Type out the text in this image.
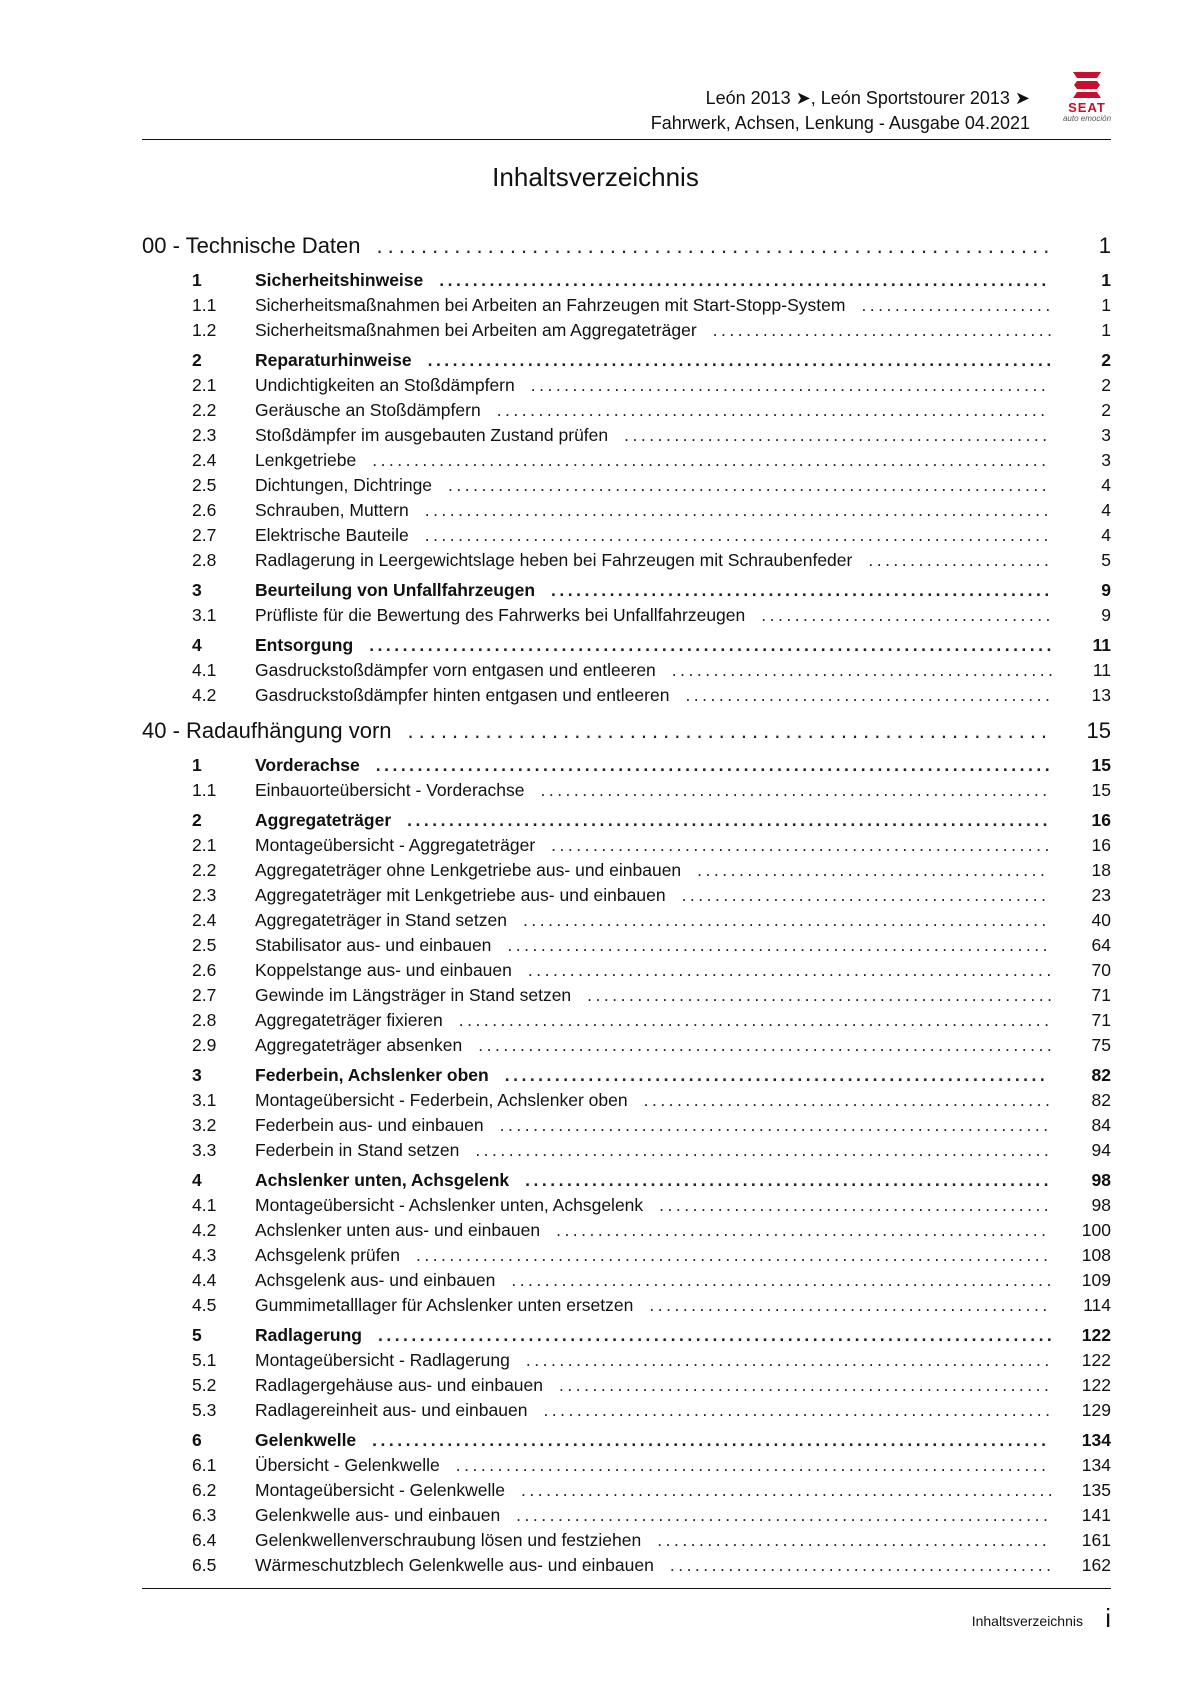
León 2013 ➤, León Sportstourer 2013 ➤
Fahrwerk, Achsen, Lenkung - Ausgabe 04.2021
SEAT
auto emoción
Inhaltsverzeichnis
00 - Technische Daten ............................................................. 1
1	Sicherheitshinweise .........................................................................	1
1.1	Sicherheitsmaßnahmen bei Arbeiten an Fahrzeugen mit Start-Stopp-System .......................	1
1.2	Sicherheitsmaßnahmen bei Arbeiten am Aggregateträger .........................................	1
2	Reparaturhinweise ...........................................................................	2
2.1	Undichtigkeiten an Stoßdämpfern ..............................................................	2
2.2	Geräusche an Stoßdämpfern ..................................................................	2
2.3	Stoßdämpfer im ausgebauten Zustand prüfen ...................................................	3
2.4	Lenkgetriebe .................................................................................	3
2.5	Dichtungen, Dichtringe ........................................................................	4
2.6	Schrauben, Muttern ...........................................................................	4
2.7	Elektrische Bauteile ...........................................................................	4
2.8	Radlagerung in Leergewichtslage heben bei Fahrzeugen mit Schraubenfeder ......................	5
3	Beurteilung von Unfallfahrzeugen ............................................................	9
3.1	Prüfliste für die Bewertung des Fahrwerks bei Unfallfahrzeugen ...................................	9
4	Entsorgung .................................................................................. 11
4.1	Gasdruckstoßdämpfer vorn entgasen und entleeren .............................................. 11
4.2	Gasdruckstoßdämpfer hinten entgasen und entleeren ............................................ 13
40 - Radaufhängung vorn .......................................................... 15
1	Vorderachse ................................................................................. 15
1.1	Einbauorteübersicht - Vorderachse ............................................................. 15
2	Aggregateträger ............................................................................. 16
2.1	Montageübersicht - Aggregateträger ............................................................ 16
2.2	Aggregateträger ohne Lenkgetriebe aus- und einbauen .......................................... 18
2.3	Aggregateträger mit Lenkgetriebe aus- und einbauen ............................................ 23
2.4	Aggregateträger in Stand setzen ............................................................... 40
2.5	Stabilisator aus- und einbauen ................................................................. 64
2.6	Koppelstange aus- und einbauen ............................................................... 70
2.7	Gewinde im Längsträger in Stand setzen ........................................................ 71
2.8	Aggregateträger fixieren ....................................................................... 71
2.9	Aggregateträger absenken ..................................................................... 75
3	Federbein, Achslenker oben ................................................................. 82
3.1	Montageübersicht - Federbein, Achslenker oben ................................................. 82
3.2	Federbein aus- und einbauen .................................................................. 84
3.3	Federbein in Stand setzen ..................................................................... 94
4	Achslenker unten, Achsgelenk ............................................................... 98
4.1	Montageübersicht - Achslenker unten, Achsgelenk ............................................... 98
4.2	Achslenker unten aus- und einbauen ........................................................... 100
4.3	Achsgelenk prüfen ............................................................................ 108
4.4	Achsgelenk aus- und einbauen ................................................................. 109
4.5	Gummimetalllager für Achslenker unten ersetzen ................................................ 114
5	Radlagerung ................................................................................. 122
5.1	Montageübersicht - Radlagerung ............................................................... 122
5.2	Radlagergehäuse aus- und einbauen ........................................................... 122
5.3	Radlagereinheit aus- und einbauen ............................................................. 129
6	Gelenkwelle ................................................................................. 134
6.1	Übersicht - Gelenkwelle ....................................................................... 134
6.2	Montageübersicht - Gelenkwelle ................................................................ 135
6.3	Gelenkwelle aus- und einbauen ................................................................ 141
6.4	Gelenkwellenverschraubung lösen und festziehen ............................................... 161
6.5	Wärmeschutzblech Gelenkwelle aus- und einbauen .............................................. 162
Inhaltsverzeichnis i
